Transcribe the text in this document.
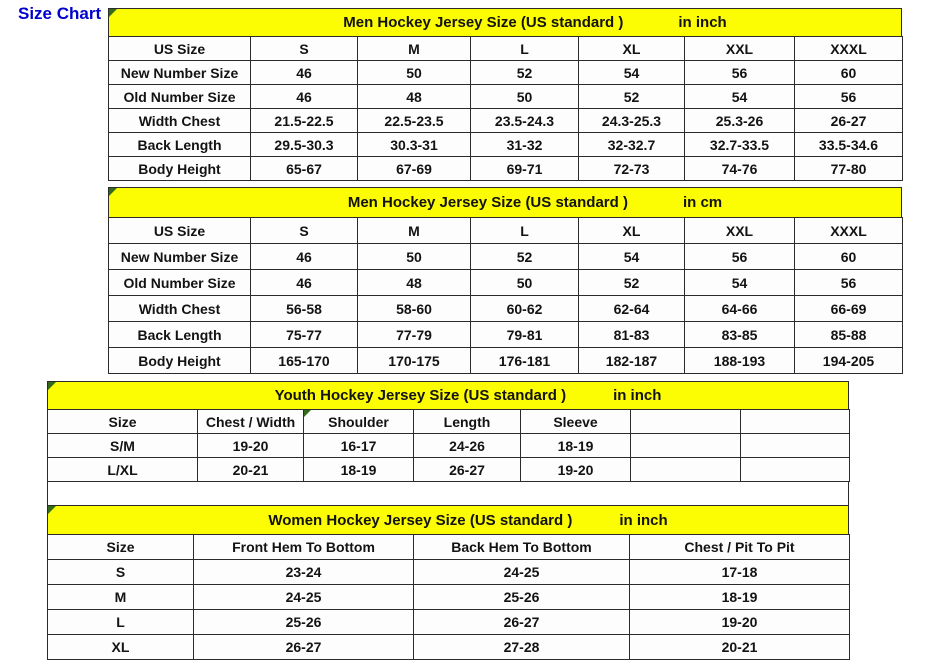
Size Chart	Men Hockey Jersey Size (US standard )	in inch
US Size	S	M	L	XL	XXL	XXXL
New Number Size	46	50	52	54	56	60
Old Number Size	46	48	50	52	54	56
Width Chest	21.5-22.5	22.5-23.5	23.5-24.3	24.3-25.3	25.3-26	26-27
Back Length	29.5-30.3	30.3-31	31-32	32-32.7	32.7-33.5	33.5-34.6
Body Height	65-67	67-69	69-71	72-73	74-76	77-80
Men Hockey Jersey Size (US standard )	in cm
US Size	S	M	L	XL	XXL	XXXL
New Number Size	46	50	52	54	56	60
Old Number Size	46	48	50	52	54	56
Width Chest	56-58	58-60	60-62	62-64	64-66	66-69
Back Length	75-77	77-79	79-81	81-83	83-85	85-88
Body Height	165-170	170-175	176-181	182-187	188-193	194-205
Youth Hockey Jersey Size (US standard )	in inch
Size	Chest / Width	Shoulder	Length	Sleeve		
S/M	19-20	16-17	24-26	18-19		
L/XL	20-21	18-19	26-27	19-20		
Women Hockey Jersey Size (US standard )	in inch
Size	Front Hem To Bottom	Back Hem To Bottom	Chest / Pit To Pit
S	23-24	24-25	17-18
M	24-25	25-26	18-19
L	25-26	26-27	19-20
XL	26-27	27-28	20-21
